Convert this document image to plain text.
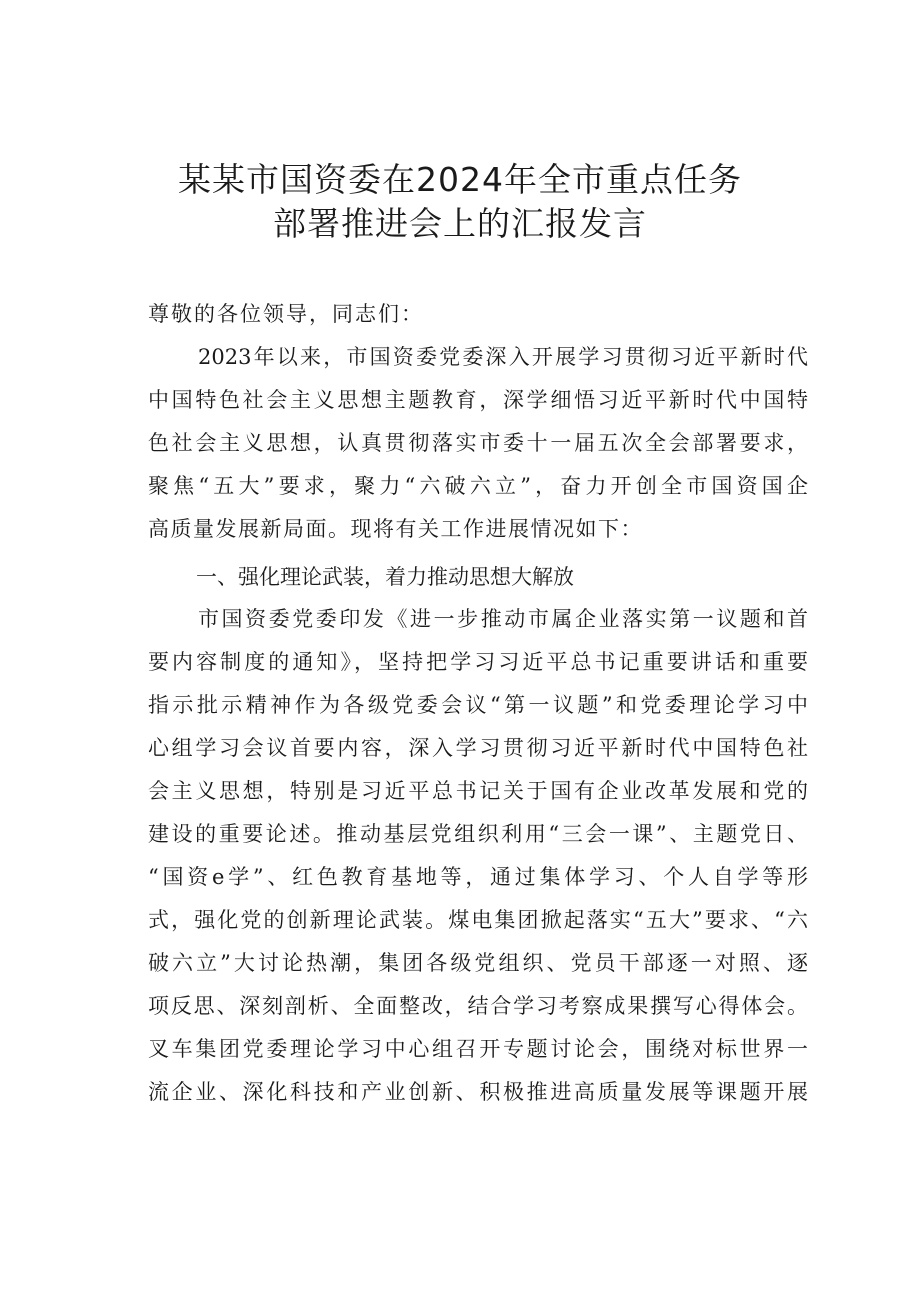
某某市国资委在2024年全市重点任务
部署推进会上的汇报发言
尊敬的各位领导，同志们：
2023年以来，市国资委党委深入开展学习贯彻习近平新时代
中国特色社会主义思想主题教育，深学细悟习近平新时代中国特
色社会主义思想，认真贯彻落实市委十一届五次全会部署要求，
聚焦“五大”要求，聚力“六破六立”，奋力开创全市国资国企
高质量发展新局面。现将有关工作进展情况如下：
一、强化理论武装，着力推动思想大解放
市国资委党委印发《进一步推动市属企业落实第一议题和首
要内容制度的通知》，坚持把学习习近平总书记重要讲话和重要
指示批示精神作为各级党委会议“第一议题”和党委理论学习中
心组学习会议首要内容，深入学习贯彻习近平新时代中国特色社
会主义思想，特别是习近平总书记关于国有企业改革发展和党的
建设的重要论述。推动基层党组织利用“三会一课”、主题党日、
“国资e学”、红色教育基地等，通过集体学习、个人自学等形
式，强化党的创新理论武装。煤电集团掀起落实“五大”要求、“六
破六立”大讨论热潮，集团各级党组织、党员干部逐一对照、逐
项反思、深刻剖析、全面整改，结合学习考察成果撰写心得体会。
叉车集团党委理论学习中心组召开专题讨论会，围绕对标世界一
流企业、深化科技和产业创新、积极推进高质量发展等课题开展
